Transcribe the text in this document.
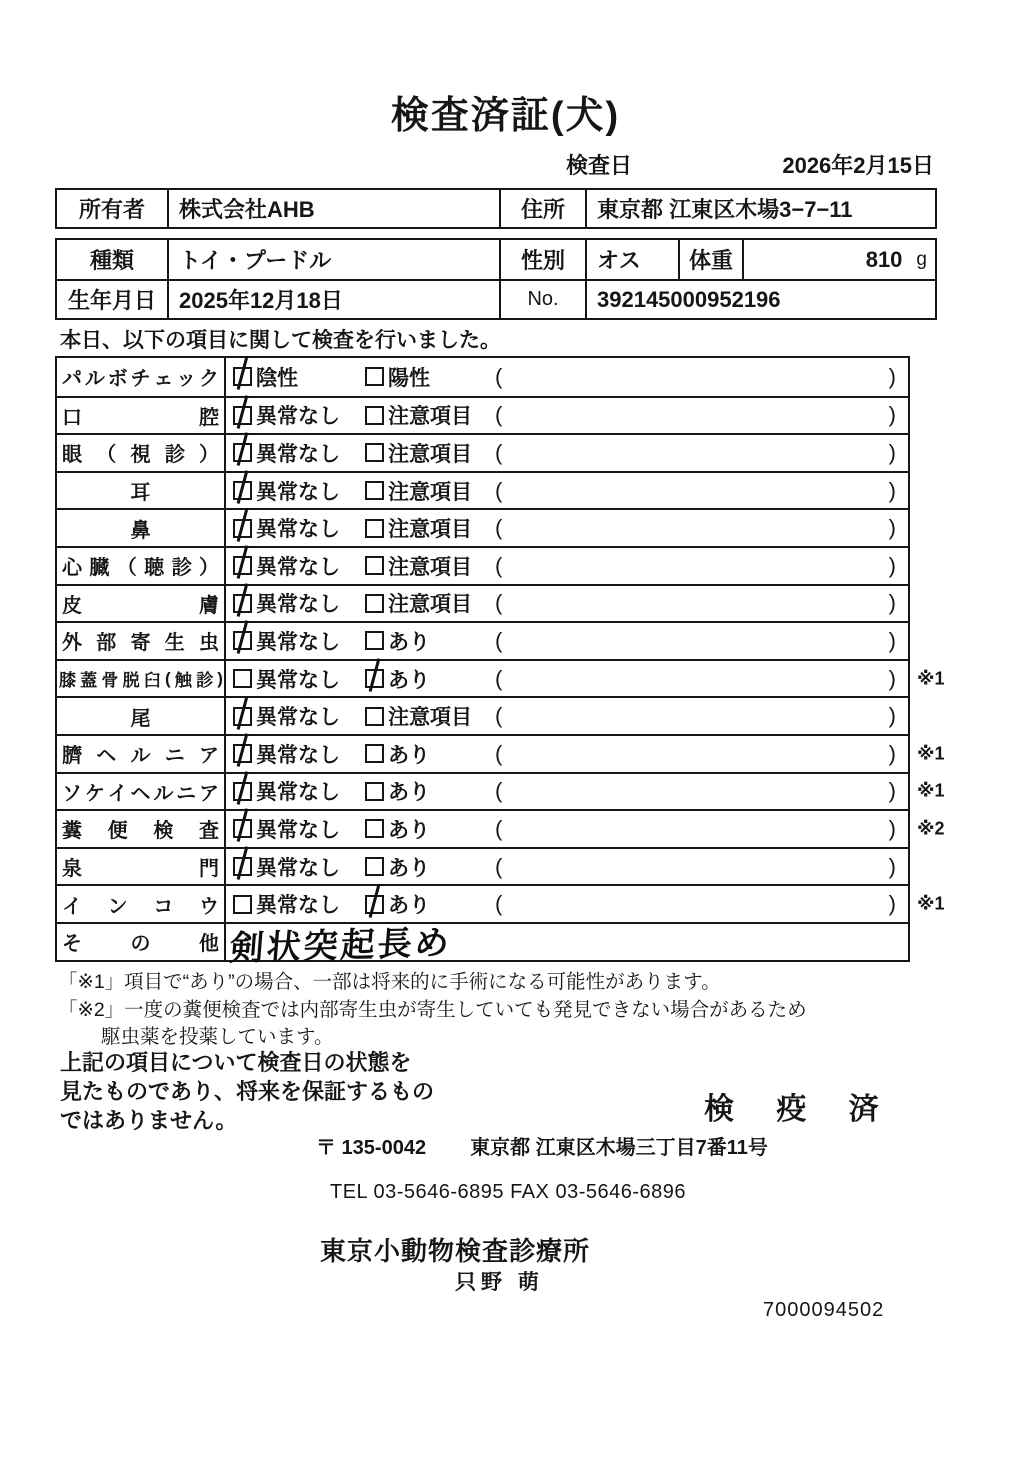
検査済証(犬)
検査日	2026年2月15日
所有者	株式会社AHB	住所	東京都 江東区木場3−7−11
種類	トイ・プードル	性別	オス	体重	810 g
生年月日	2025年12月18日	No.	392145000952196
本日、以下の項目に関して検査を行いました。
パ ル ボ チ ェ ッ ク 陰性	陽性	(	)
口	腔 異常なし 注意項目 (	)
眼 （ 視 診 ） 異常なし 注意項目 (	)
耳	異常なし 注意項目 (	)
鼻	異常なし 注意項目 (	)
心 臓 （ 聴 診 ） 異常なし 注意項目 (	)
皮	膚 異常なし 注意項目 (	)
外 部 寄 生 虫 異常なし あり	(	)
膝 蓋 骨 脱 臼 ( 触 診 ) 異常なし あり	(	) ※1
尾	異常なし 注意項目 (	)
臍 ヘ ル ニ ア 異常なし あり	(	) ※1
ソ ケ イ ヘ ル ニ ア 異常なし あり	(	) ※1
糞 便 検 査 異常なし あり	(	) ※2
泉	門 異常なし あり	(	)
イ ン コ ウ 異常なし あり	(	) ※1
そ の 他 剣状突起長め
「※1」項目で“あり”の場合、一部は将来的に手術になる可能性があります。
「※2」一度の糞便検査では内部寄生虫が寄生していても発見できない場合があるため
駆虫薬を投薬しています。
上記の項目について検査日の状態を
見たものであり、将来を保証するもの
ではありません。	検 疫 済
〒 135-0042 東京都 江東区木場三丁目7番11号
TEL 03-5646-6895 FAX 03-5646-6896
東京小動物検査診療所
只野 萌
7000094502
